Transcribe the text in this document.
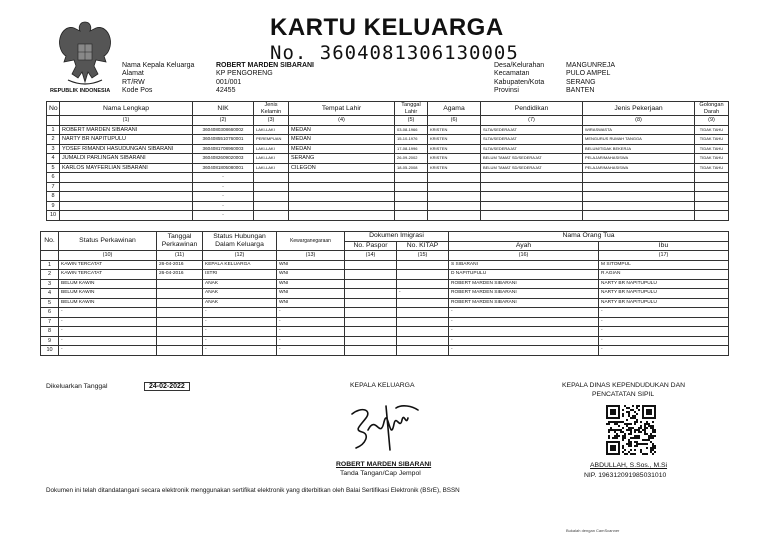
KARTU KELUARGA
No. 3604081306130005
REPUBLIK INDONESIA
Nama Kepala Keluarga
Alamat
RT/RW
Kode Pos
ROBERT MARDEN SIBARANI
KP PENGORENG
001/001
42455
Desa/Kelurahan
Kecamatan
Kabupaten/Kota
Provinsi
MANGUNREJA
PULO AMPEL
SERANG
BANTEN
No	Nama Lengkap	NIK	Jenis Kelamin	Tempat Lahir	Tanggal Lahir	Agama	Pendidikan	Jenis Pekerjaan	Golongan Darah
	(1)	(2)	(3)	(4)	(5)	(6)	(7)	(8)	(9)
1	ROBERT MARDEN SIBARANI	3604080308660002	LAKI-LAKI	MEDAN	03-08-1966	KRISTEN	SLTA/SEDERAJAT	WIRASWASTA	TIDAK TAHU
2	NARTY BR NAPITUPULU	3604085510760001	PEREMPUAN	MEDAN	15-10-1976	KRISTEN	SLTA/SEDERAJAT	MENGURUS RUMAH TANGGA	TIDAK TAHU
3	YOSEF RIMANDI HASUDUNGAN SIBARANI	3604081708960003	LAKI-LAKI	MEDAN	17-08-1996	KRISTEN	SLTA/SEDERAJAT	BELUM/TIDAK BEKERJA	TIDAK TAHU
4	JUMALDI PARLINGAN SIBARANI	3604082609020003	LAKI-LAKI	SERANG	26-09-2002	KRISTEN	BELUM TAMAT SD/SEDERAJAT	PELAJAR/MAHASISWA	TIDAK TAHU
5	KARLOS MAYFERLIAN SIBARANI	3604081805080001	LAKI-LAKI	CILEGON	18-05-2008	KRISTEN	BELUM TAMAT SD/SEDERAJAT	PELAJAR/MAHASISWA	TIDAK TAHU
6		-							
7		-							
8		-							
9		-							
10		-							
No.	Status Perkawinan	Tanggal Perkawinan	Status Hubungan Dalam Keluarga	Kewarganegaraan	Dokumen Imigrasi		Nama Orang Tua	
					No. Paspor	No. KITAP	Ayah	Ibu
	(10)	(11)	(12)	(13)	(14)	(15)	(16)	(17)
1	KAWIN TERCATAT	26-04-2016	KEPALA KELUARGA	WNI			S SIBARANI	M SITOMPUL
2	KAWIN TERCATAT	26-04-2016	ISTRI	WNI			D NAPITUPULU	R AGIAN
3	BELUM KAWIN		ANAK	WNI			ROBERT MARDEN SIBARANI	NARTY BR NAPITUPULU
4	BELUM KAWIN		ANAK	WNI		-	ROBERT MARDEN SIBARANI	NARTY BR NAPITUPULU
5	BELUM KAWIN		ANAK	WNI			ROBERT MARDEN SIBARANI	NARTY BR NAPITUPULU
6	-		-	-			-	-
7	-		-	-			-	-
8	-		-	-			-	-
9	-		-	-			-	-
10	-		-	-			-	-
Dikeluarkan Tanggal	24-02-2022	KEPALA KELUARGA
ROBERT MARDEN SIBARANI
Tanda Tangan/Cap Jempol
KEPALA DINAS KEPENDUDUKAN DAN
PENCATATAN SIPIL
ABDULLAH, S.Sos., M.Si
NIP. 196312091985031010
Dokumen ini telah ditandatangani secara elektronik menggunakan sertifikat elektronik yang diterbitkan oleh Balai Sertifikasi Elektronik (BSrE), BSSN
Bukalah dengan CamScanner
